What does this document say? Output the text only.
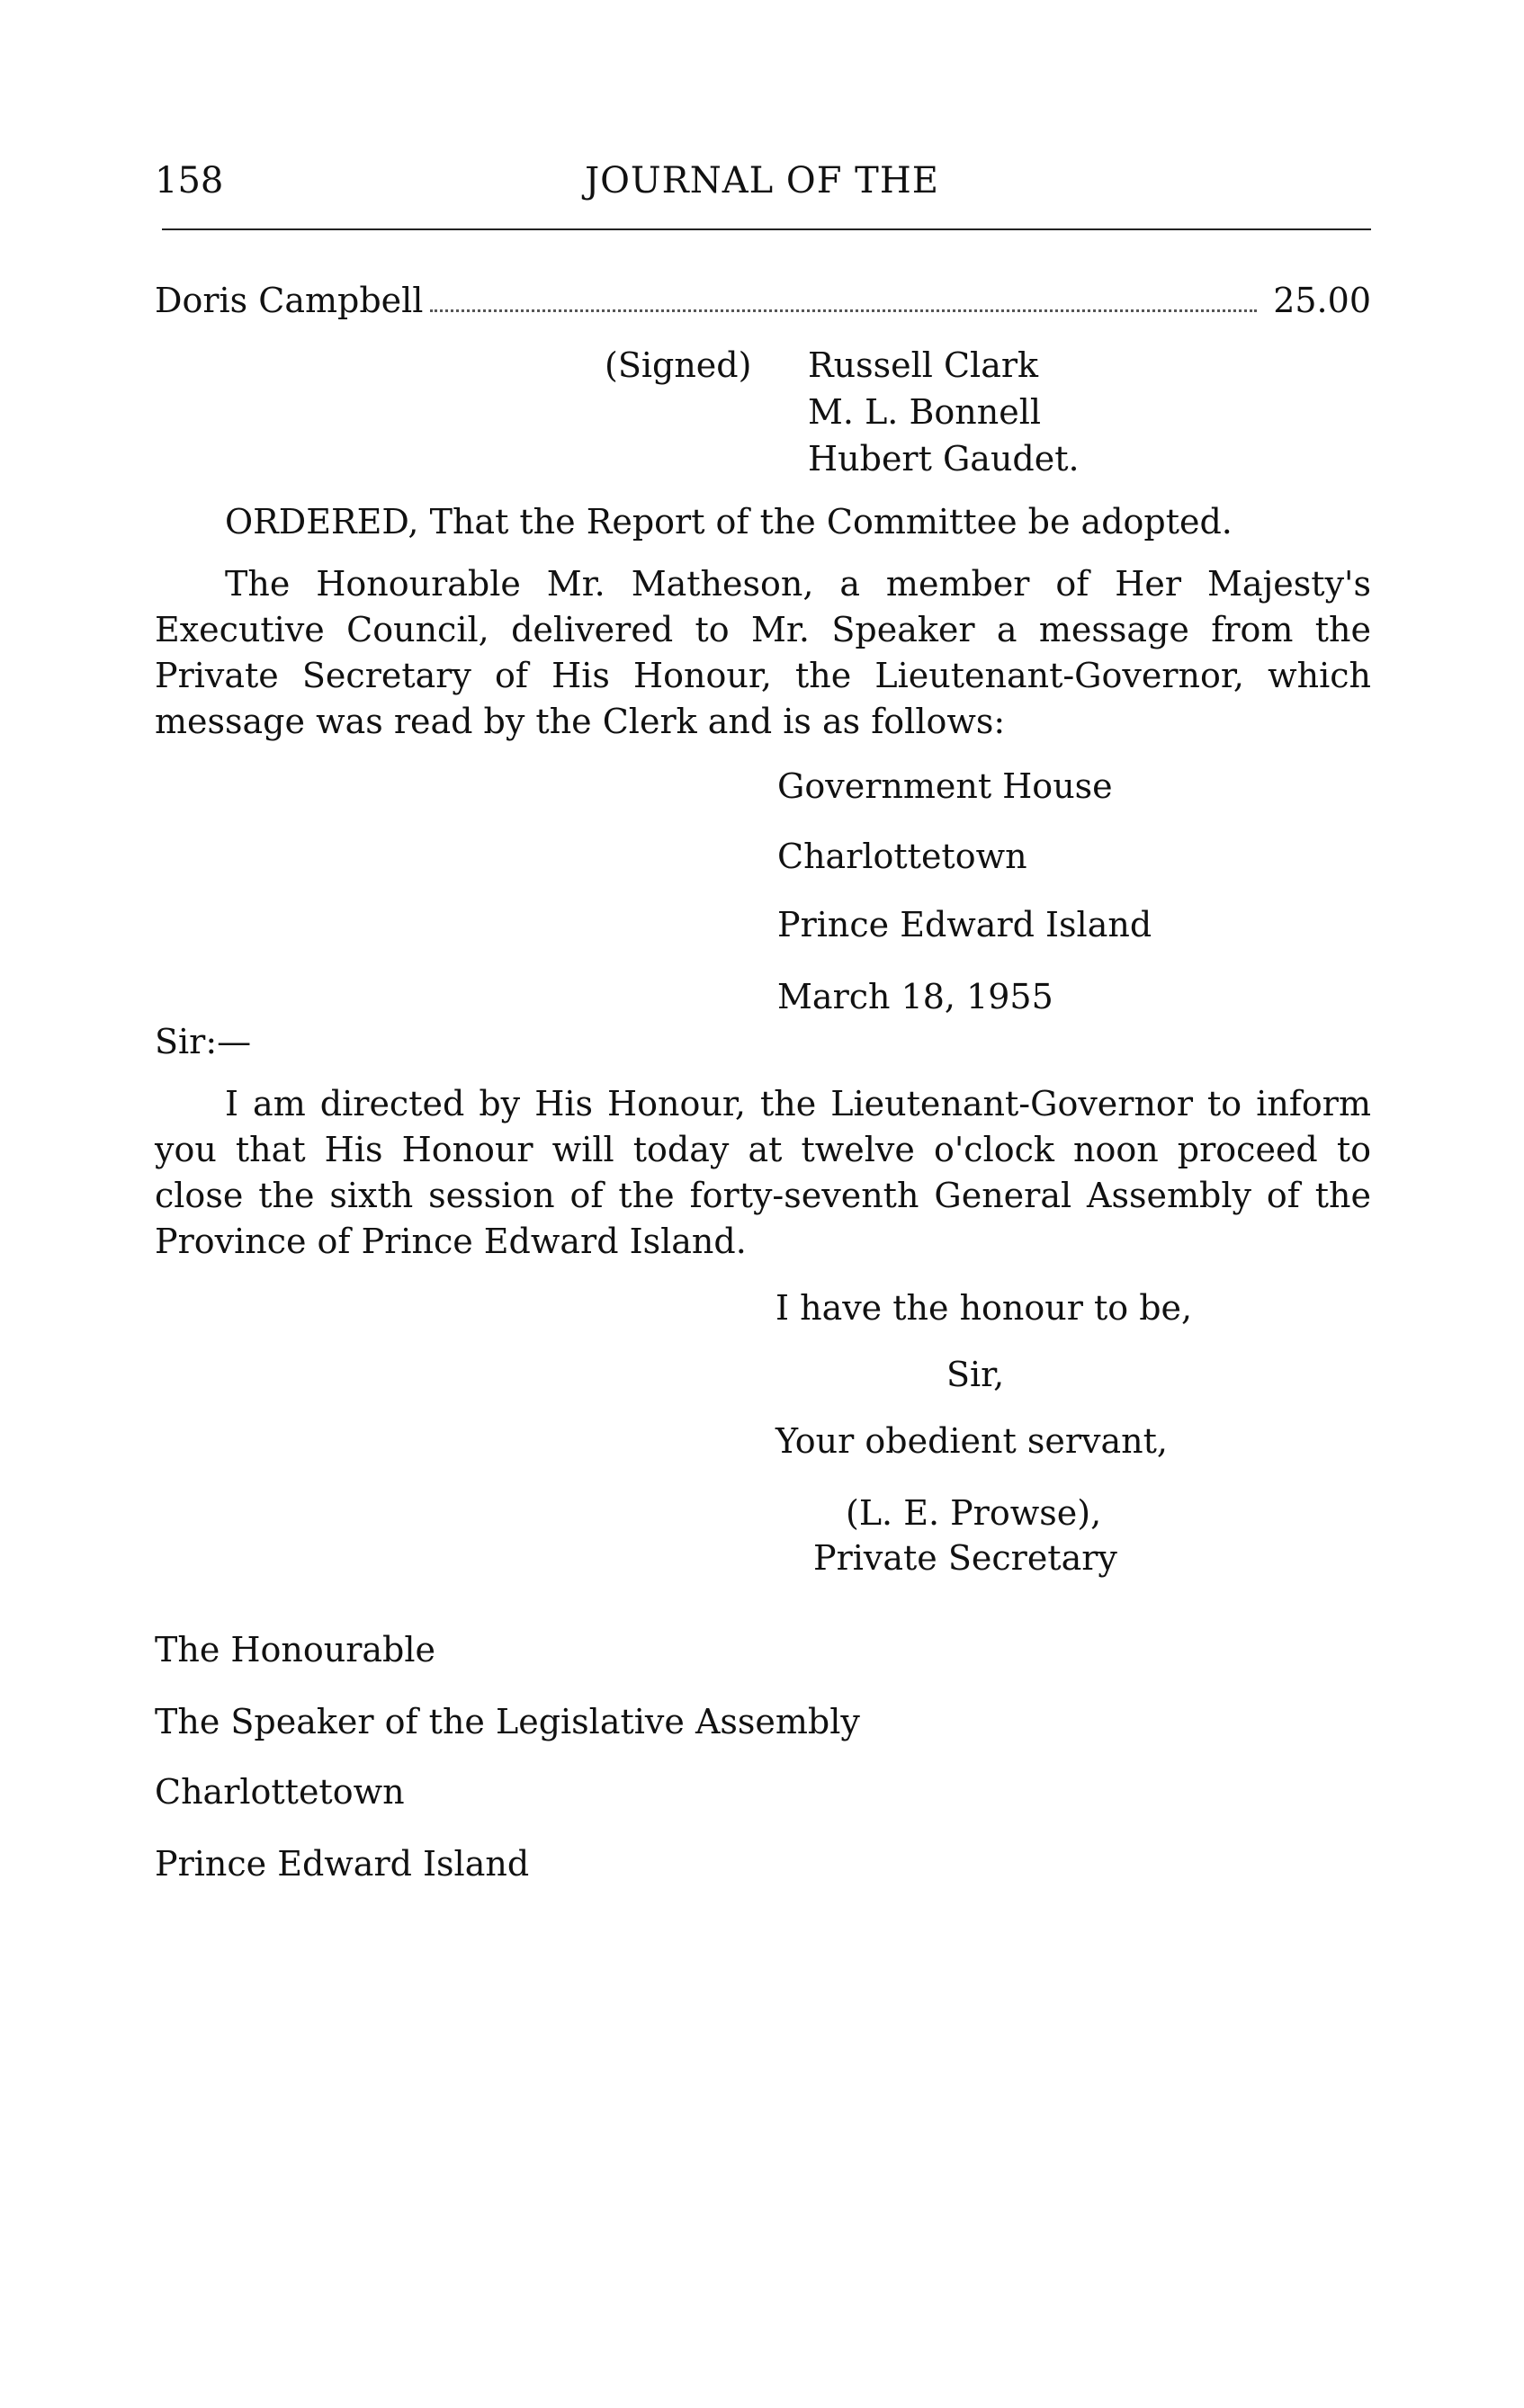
158	JOURNAL OF THE
Doris Campbell	25.00
(Signed) Russell Clark
M. L. Bonnell
Hubert Gaudet.
ORDERED, That the Report of the Committee be adopted.
The Honourable Mr. Matheson, a member of Her Majesty's Executive Council, delivered to Mr. Speaker a message from the Private Secretary of His Honour, the Lieutenant-Governor, which message was read by the Clerk and is as follows:
Government House
Charlottetown
Prince Edward Island
March 18, 1955
Sir:—
I am directed by His Honour, the Lieutenant-Governor to inform you that His Honour will today at twelve o'clock noon proceed to close the sixth session of the forty-seventh General Assembly of the Province of Prince Edward Island.
I have the honour to be,
Sir,
Your obedient servant,
(L. E. Prowse),
Private Secretary
The Honourable
The Speaker of the Legislative Assembly
Charlottetown
Prince Edward Island
